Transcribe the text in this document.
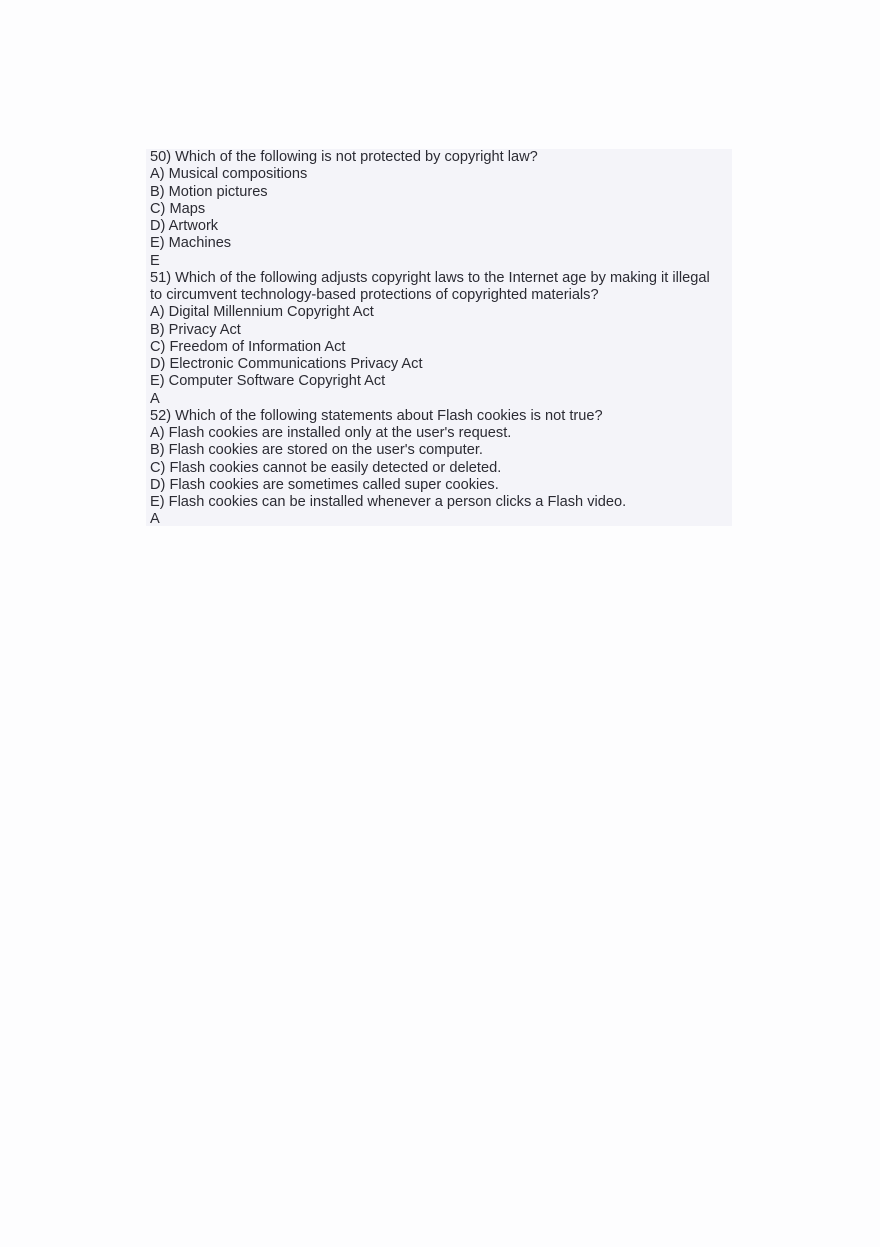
50) Which of the following is not protected by copyright law?
A) Musical compositions
B) Motion pictures
C) Maps
D) Artwork
E) Machines
E
51) Which of the following adjusts copyright laws to the Internet age by making it illegal
to circumvent technology-based protections of copyrighted materials?
A) Digital Millennium Copyright Act
B) Privacy Act
C) Freedom of Information Act
D) Electronic Communications Privacy Act
E) Computer Software Copyright Act
A
52) Which of the following statements about Flash cookies is not true?
A) Flash cookies are installed only at the user's request.
B) Flash cookies are stored on the user's computer.
C) Flash cookies cannot be easily detected or deleted.
D) Flash cookies are sometimes called super cookies.
E) Flash cookies can be installed whenever a person clicks a Flash video.
A
